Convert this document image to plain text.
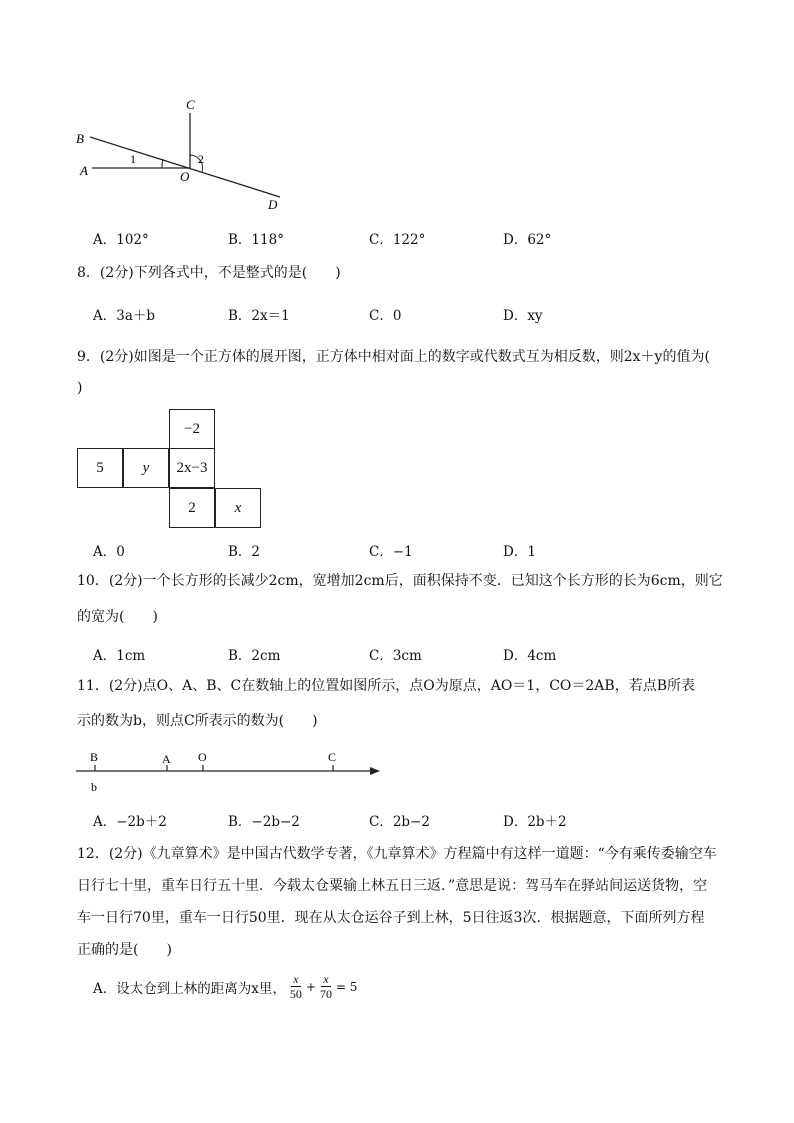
B
C
A	O
D
1	2
A．102°	B．118°	C．122°	D．62°
8．(2分)下列各式中，不是整式的是(　　)
A．3a＋b	B．2x＝1	C．0	D．xy
9．(2分)如图是一个正方体的展开图，正方体中相对面上的数字或代数式互为相反数，则2x＋y的值为(
)
−2
5	y	2x−3
2	x
A．0	B．2	C．−1	D．1
10．(2分)一个长方形的长减少2cm，宽增加2cm后，面积保持不变．已知这个长方形的长为6cm，则它
的宽为(　　)
A．1cm	B．2cm	C．3cm	D．4cm
11．(2分)点O、A、B、C在数轴上的位置如图所示，点O为原点，AO＝1，CO＝2AB，若点B所表
示的数为b，则点C所表示的数为(　　)
B	A O	C
b
A．−2b＋2	B．−2b−2	C．2b−2	D．2b＋2
12．(2分)《九章算术》是中国古代数学专著，《九章算术》方程篇中有这样一道题：“今有乘传委输空车
日行七十里，重车日行五十里．今载太仓粟输上林五日三返．”意思是说：驾马车在驿站间运送货物，空
车一日行70里，重车一日行50里．现在从太仓运谷子到上林，5日往返3次．根据题意，下面所列方程
正确的是(　　)
A．设太仓到上林的距离为x里， $\frac{x}{50} + \frac{x}{70} = 5$
